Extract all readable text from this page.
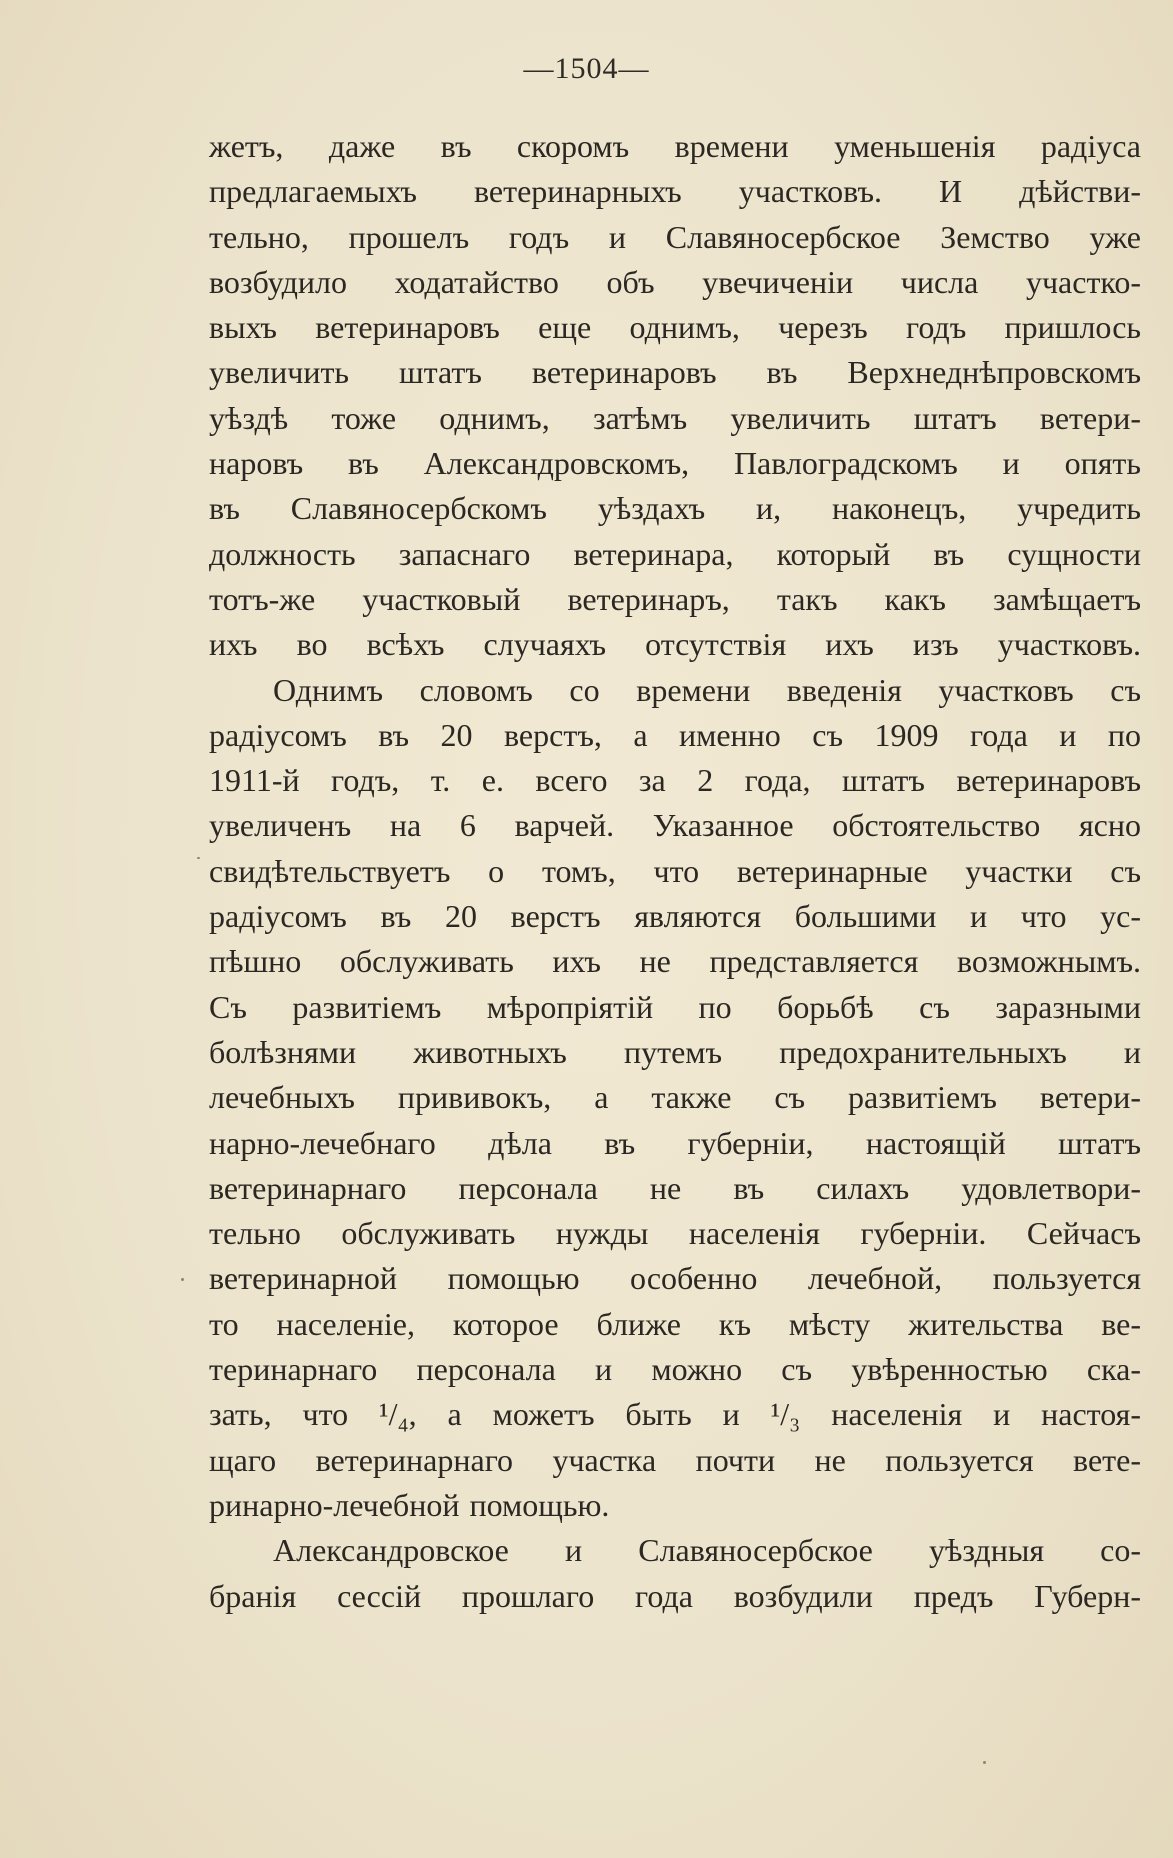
—1504—
жетъ, даже въ скоромъ времени уменьшенія радіуса
предлагаемыхъ ветеринарныхъ участковъ. И дѣйстви-
тельно, прошелъ годъ и Славяносербское Земство уже
возбудило ходатайство объ увечиченіи числа участко-
выхъ ветеринаровъ еще однимъ, черезъ годъ пришлось
увеличить штатъ ветеринаровъ въ Верхнеднѣпровскомъ
уѣздѣ тоже однимъ, затѣмъ увеличить штатъ ветери-
наровъ въ Александровскомъ, Павлоградскомъ и опять
въ Славяносербскомъ уѣздахъ и, наконецъ, учредить
должность запаснаго ветеринара, который въ сущности
тотъ-же участковый ветеринаръ, такъ какъ замѣщаетъ
ихъ во всѣхъ случаяхъ отсутствія ихъ изъ участковъ.
Однимъ словомъ со времени введенія участковъ съ
радіусомъ въ 20 верстъ, а именно съ 1909 года и по
1911-й годъ, т. е. всего за 2 года, штатъ ветеринаровъ
увеличенъ на 6 варчей. Указанное обстоятельство ясно
свидѣтельствуетъ о томъ, что ветеринарные участки съ
радіусомъ въ 20 верстъ являются большими и что ус-
пѣшно обслуживать ихъ не представляется возможнымъ.
Съ развитіемъ мѣропріятій по борьбѣ съ заразными
болѣзнями животныхъ путемъ предохранительныхъ и
лечебныхъ прививокъ, а также съ развитіемъ ветери-
нарно-лечебнаго дѣла въ губерніи, настоящій штатъ
ветеринарнаго персонала не въ силахъ удовлетвори-
тельно обслуживать нужды населенія губерніи. Сейчасъ
ветеринарной помощью особенно лечебной, пользуется
то населеніе, которое ближе къ мѣсту жительства ве-
теринарнаго персонала и можно съ увѣренностью ска-
зать, что ¹/₄, а можетъ быть и ¹/₃ населенія и настоя-
щаго ветеринарнаго участка почти не пользуется вете-
ринарно-лечебной помощью.
Александровское и Славяносербское уѣздныя со-
бранія сессій прошлаго года возбудили предъ Губерн-
